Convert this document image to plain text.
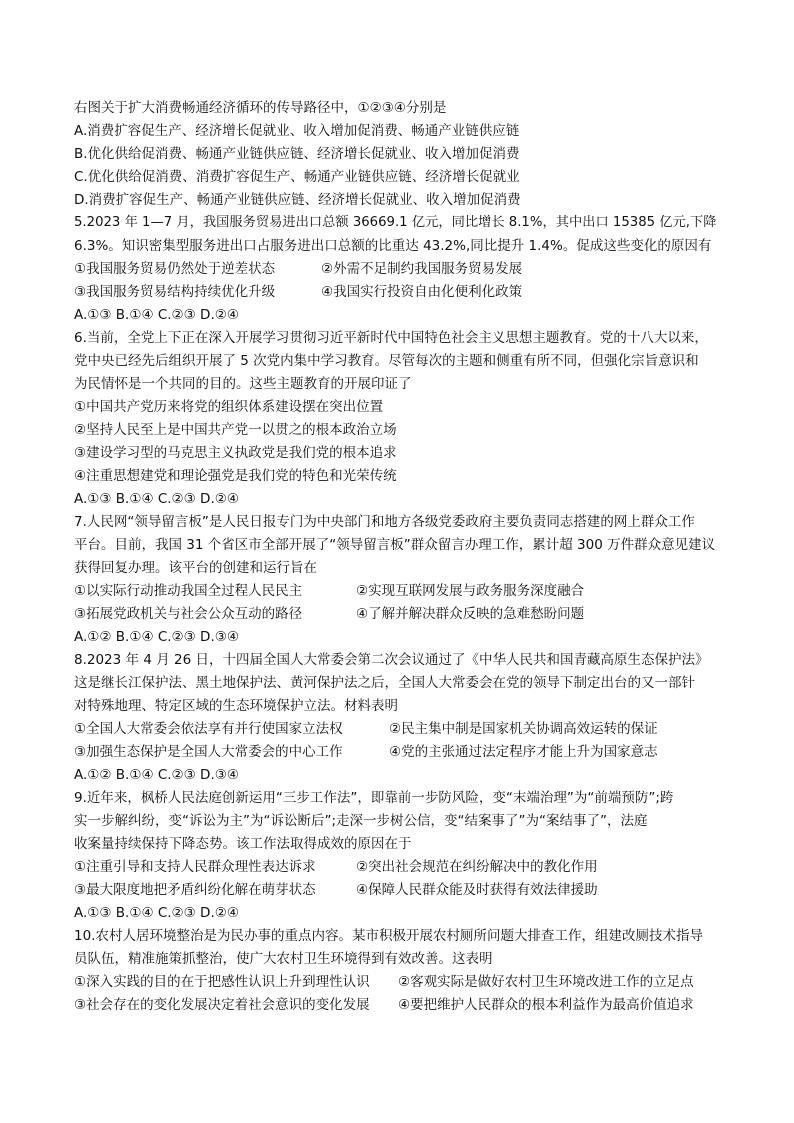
右图关于扩大消费畅通经济循环的传导路径中，①②③④分别是
A.消费扩容促生产、经济增长促就业、收入增加促消费、畅通产业链供应链
B.优化供给促消费、畅通产业链供应链、经济增长促就业、收入增加促消费
C.优化供给促消费、消费扩容促生产、畅通产业链供应链、经济增长促就业
D.消费扩容促生产、畅通产业链供应链、经济增长促就业、收入增加促消费
5.2023 年 1—7 月，我国服务贸易进出口总额 36669.1 亿元，同比增长 8.1%，其中出口 15385 亿元,下降
6.3%。知识密集型服务进出口占服务进出口总额的比重达 43.2%,同比提升 1.4%。促成这些变化的原因有
①我国服务贸易仍然处于逆差状态	②外需不足制约我国服务贸易发展
③我国服务贸易结构持续优化升级	④我国实行投资自由化便利化政策
A.①③ B.①④ C.②③ D.②④
6.当前，全党上下正在深入开展学习贯彻习近平新时代中国特色社会主义思想主题教育。党的十八大以来，
党中央已经先后组织开展了 5 次党内集中学习教育。尽管每次的主题和侧重有所不同，但强化宗旨意识和
为民情怀是一个共同的目的。这些主题教育的开展印证了
①中国共产党历来将党的组织体系建设摆在突出位置
②坚持人民至上是中国共产党一以贯之的根本政治立场
③建设学习型的马克思主义执政党是我们党的根本追求
④注重思想建党和理论强党是我们党的特色和光荣传统
A.①③ B.①④ C.②③ D.②④
7.人民网“领导留言板”是人民日报专门为中央部门和地方各级党委政府主要负责同志搭建的网上群众工作
平台。目前，我国 31 个省区市全部开展了“领导留言板”群众留言办理工作，累计超 300 万件群众意见建议
获得回复办理。该平台的创建和运行旨在
①以实际行动推动我国全过程人民民主	②实现互联网发展与政务服务深度融合
③拓展党政机关与社会公众互动的路径	④了解并解决群众反映的急难愁盼问题
A.①② B.①④ C.②③ D.③④
8.2023 年 4 月 26 日，十四届全国人大常委会第二次会议通过了《中华人民共和国青藏高原生态保护法》
这是继长江保护法、黑土地保护法、黄河保护法之后，全国人大常委会在党的领导下制定出台的又一部针
对特殊地理、特定区域的生态环境保护立法。材料表明
①全国人大常委会依法享有并行使国家立法权	②民主集中制是国家机关协调高效运转的保证
③加强生态保护是全国人大常委会的中心工作	④党的主张通过法定程序才能上升为国家意志
A.①② B.①④ C.②③ D.③④
9.近年来，枫桥人民法庭创新运用“三步工作法”，即靠前一步防风险，变“末端治理”为“前端预防”;跨
实一步解纠纷，变“诉讼为主”为“诉讼断后”;走深一步树公信，变“结案事了”为“案结事了”，法庭
收案量持续保持下降态势。该工作法取得成效的原因在于
①注重引导和支持人民群众理性表达诉求	②突出社会规范在纠纷解决中的教化作用
③最大限度地把矛盾纠纷化解在萌芽状态	④保障人民群众能及时获得有效法律援助
A.①③ B.①④ C.②③ D.②④
10.农村人居环境整治是为民办事的重点内容。某市积极开展农村厕所问题大排查工作，组建改厕技术指导
员队伍，精准施策抓整治，使广大农村卫生环境得到有效改善。这表明
①深入实践的目的在于把感性认识上升到理性认识 ②客观实际是做好农村卫生环境改进工作的立足点
③社会存在的变化发展决定着社会意识的变化发展 ④要把维护人民群众的根本利益作为最高价值追求
